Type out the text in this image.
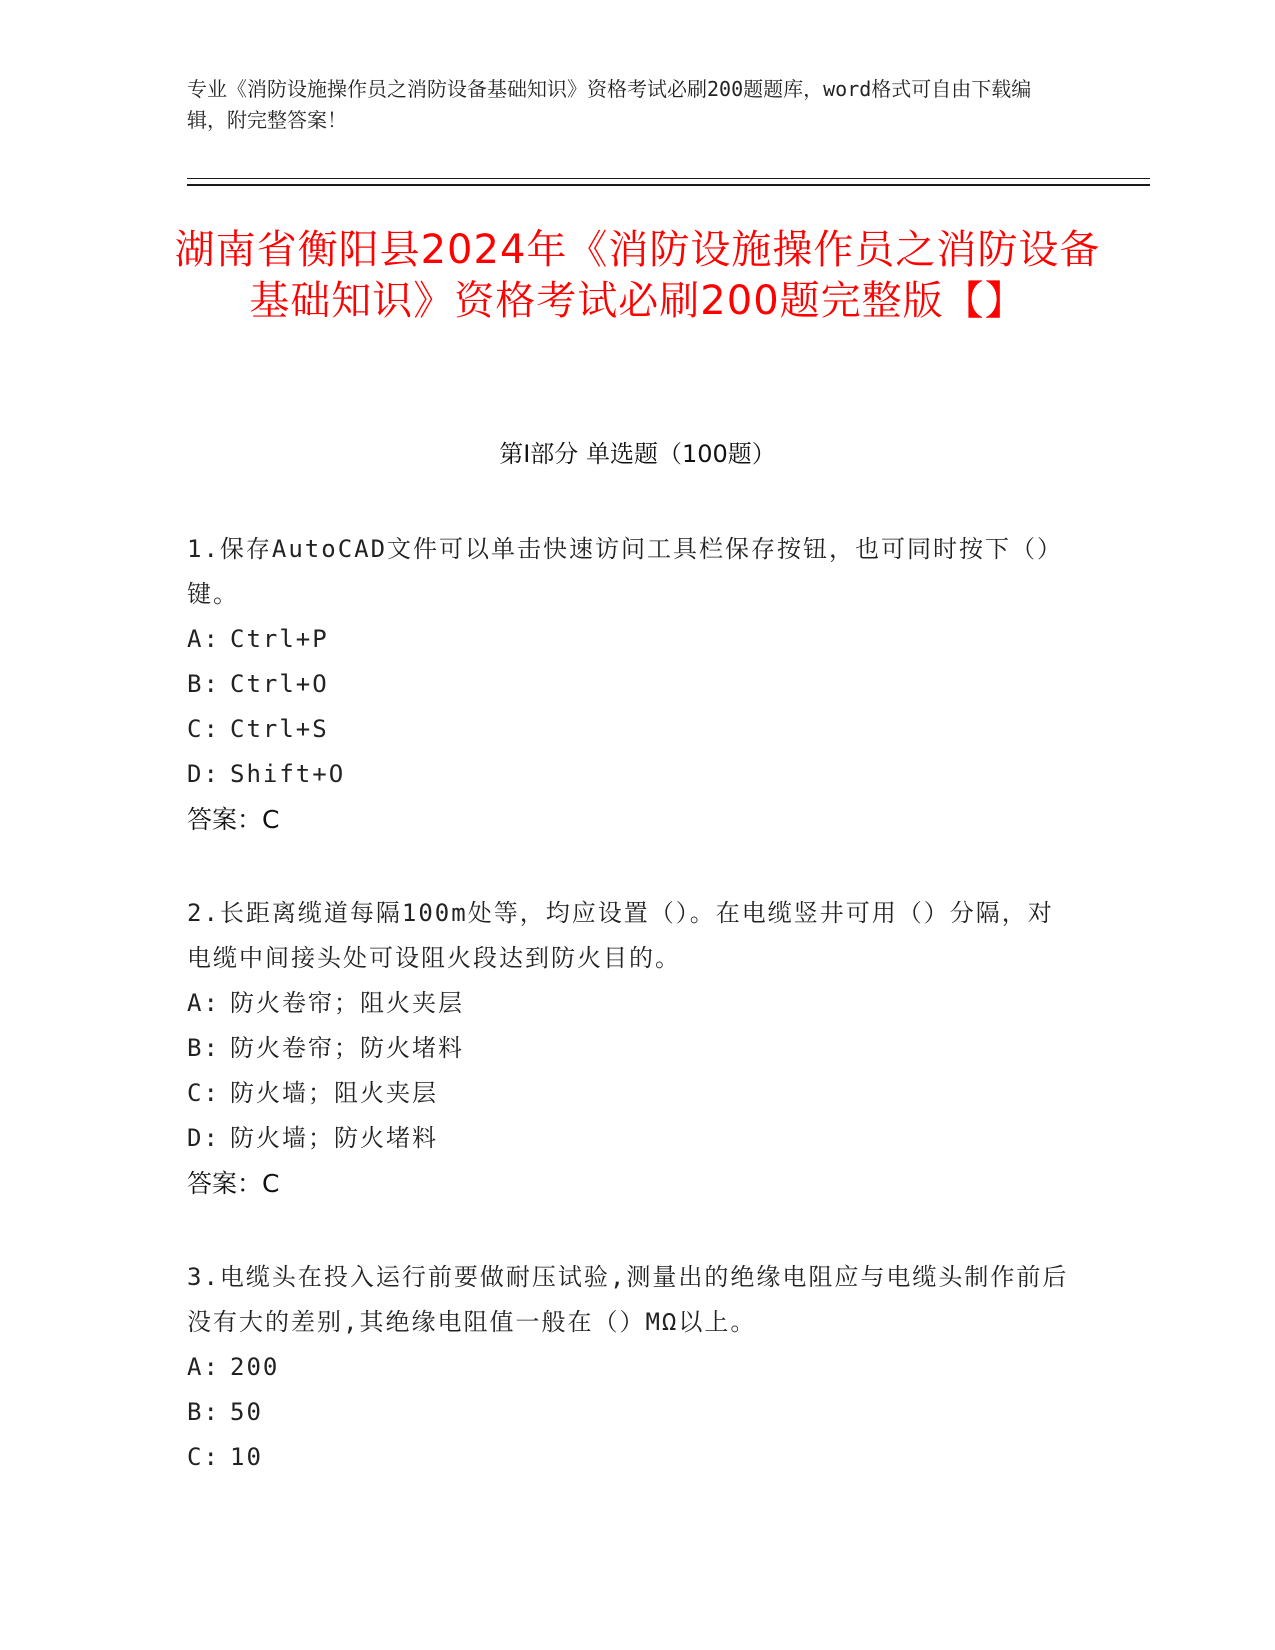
专业《消防设施操作员之消防设备基础知识》资格考试必刷200题题库，word格式可自由下载编辑，附完整答案！
湖南省衡阳县2024年《消防设施操作员之消防设备基础知识》资格考试必刷200题完整版【】
第I部分 单选题（100题）
1.保存AutoCAD文件可以单击快速访问工具栏保存按钮，也可同时按下（）键。
A: Ctrl+P
B: Ctrl+O
C: Ctrl+S
D: Shift+O
答案：C
2.长距离缆道每隔100m处等，均应设置（）。在电缆竖井可用（）分隔，对电缆中间接头处可设阻火段达到防火目的。
A: 防火卷帘；阻火夹层
B: 防火卷帘；防火堵料
C: 防火墙；阻火夹层
D: 防火墙；防火堵料
答案：C
3.电缆头在投入运行前要做耐压试验,测量出的绝缘电阻应与电缆头制作前后没有大的差别,其绝缘电阻值一般在（）MΩ以上。
A: 200
B: 50
C: 10
